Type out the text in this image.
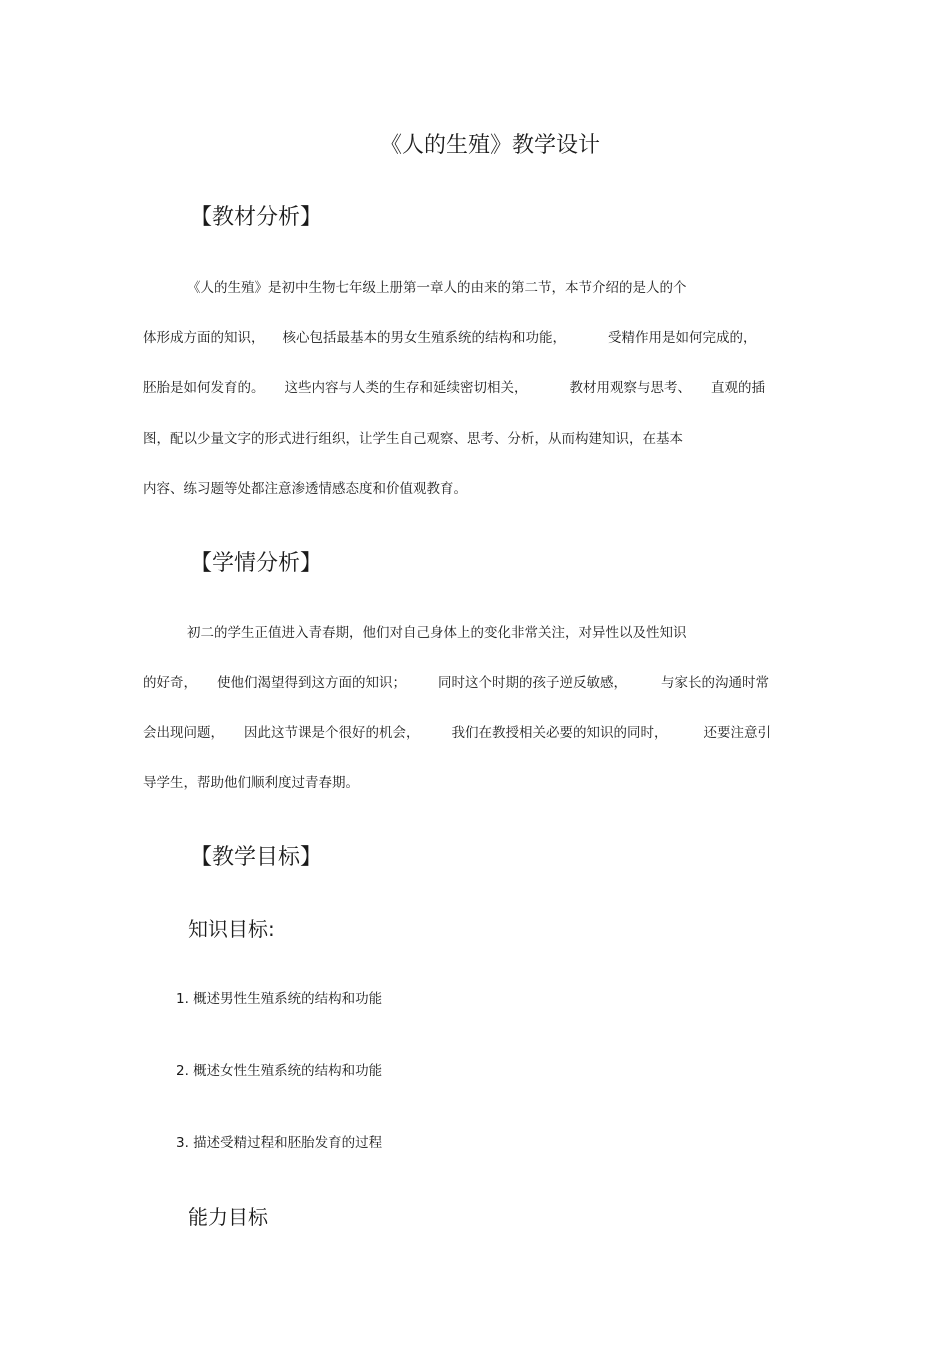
《人的生殖》教学设计
【教材分析】
《人的生殖》是初中生物七年级上册第一章人的由来的第二节，本节介绍的是人的个
体形成方面的知识， 核心包括最基本的男女生殖系统的结构和功能，	受精作用是如何完成的，
胚胎是如何发育的。 这些内容与人类的生存和延续密切相关，	教材用观察与思考、 直观的插
图，配以少量文字的形式进行组织，让学生自己观察、思考、分析，从而构建知识，在基本
内容、练习题等处都注意渗透情感态度和价值观教育。
【学情分析】
初二的学生正值进入青春期，他们对自己身体上的变化非常关注，对异性以及性知识
的好奇， 使他们渴望得到这方面的知识； 同时这个时期的孩子逆反敏感，	与家长的沟通时常
会出现问题， 因此这节课是个很好的机会， 我们在教授相关必要的知识的同时，	还要注意引
导学生，帮助他们顺利度过青春期。
【教学目标】
知识目标:
1. 概述男性生殖系统的结构和功能
2. 概述女性生殖系统的结构和功能
3. 描述受精过程和胚胎发育的过程
能力目标
